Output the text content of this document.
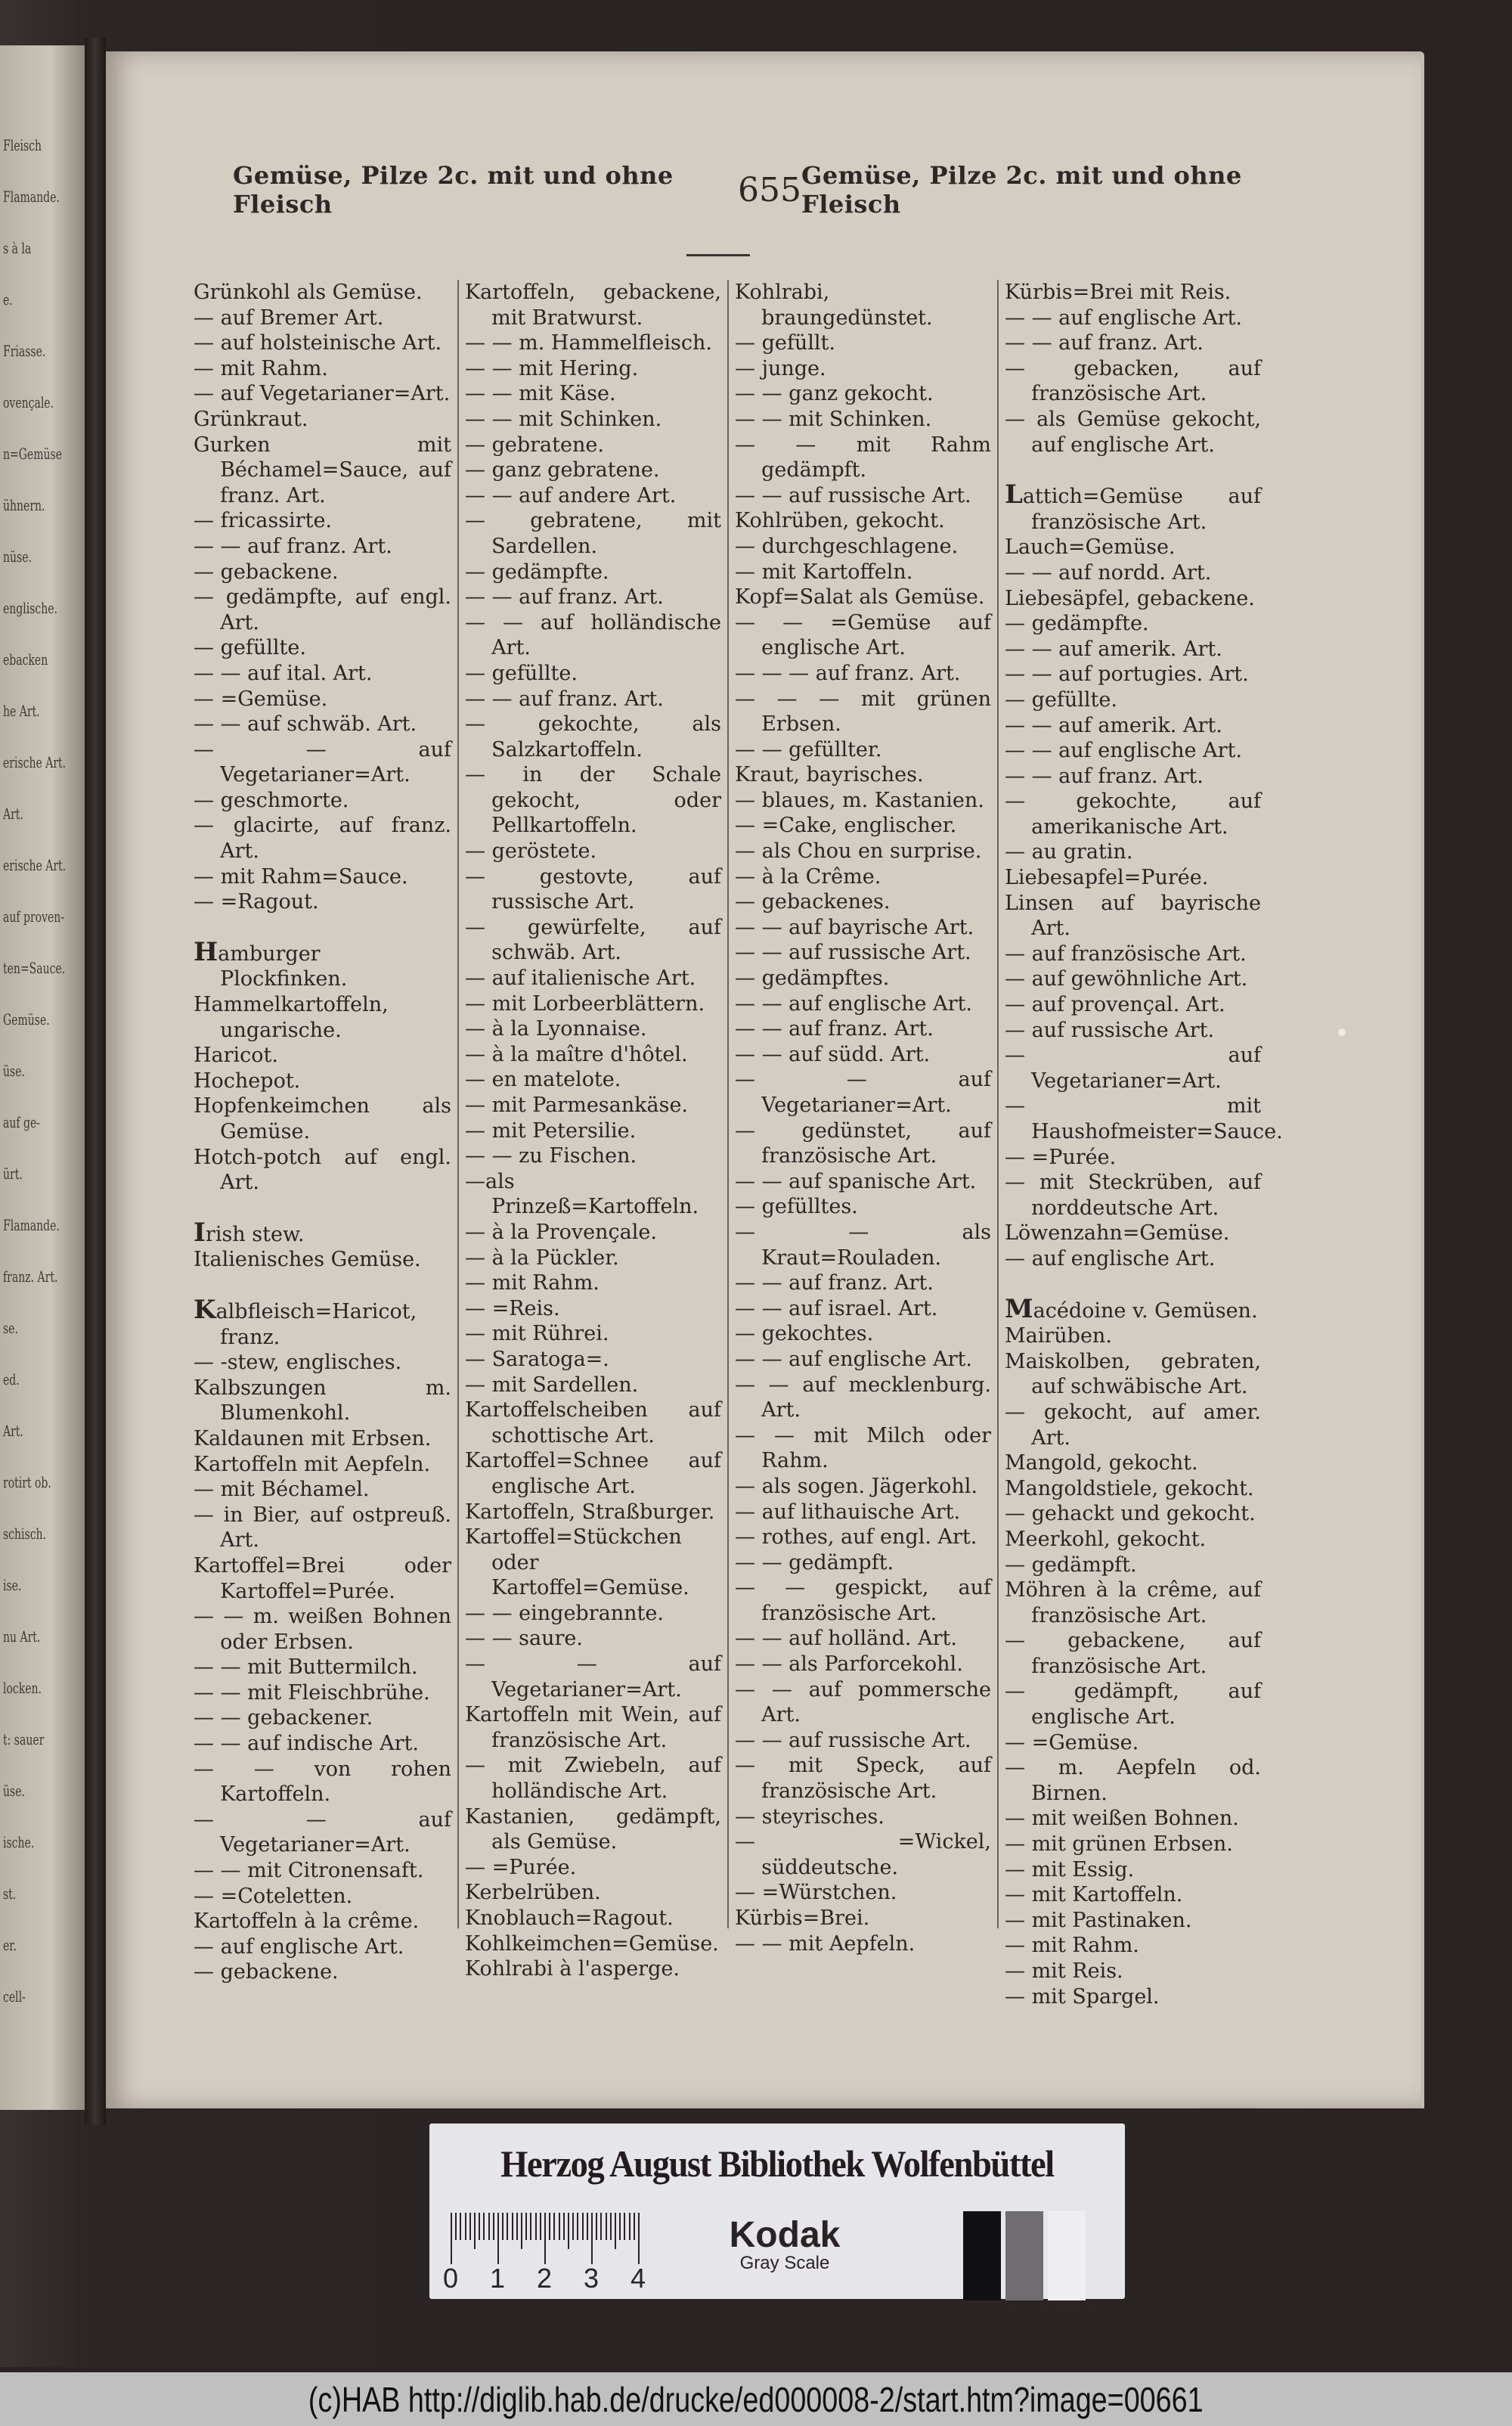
Fleisch
Flamande.
s à la
e.
Friasse.
ovençale.
n=Gemüse
ühnern.
nüse.
englische.
ebacken
he Art.
erische Art.
Art.
erische Art.
auf proven-
ten=Sauce.
Gemüse.
üse.
auf ge-
ürt.
Flamande.
franz. Art.
se.
ed.
Art.
rotirt ob.
schisch.
ise.
nu Art.
locken.
t: sauer
üse.
ische.
st.
er.
cell-
Gemüse, Pilze 2c. mit und ohne Fleisch	655 Gemüse, Pilze 2c. mit und ohne Fleisch
Grünkohl als Gemüse.
— auf Bremer Art.
— auf holsteinische Art.
— mit Rahm.
— auf Vegetarianer=Art.
Grünkraut.
Gurken mit Béchamel=Sauce, auf franz. Art.
— fricassirte.
— — auf franz. Art.
— gebackene.
— gedämpfte, auf engl. Art.
— gefüllte.
— — auf ital. Art.
— =Gemüse.
— — auf schwäb. Art.
— — auf Vegetarianer=Art.
— geschmorte.
— glacirte, auf franz. Art.
— mit Rahm=Sauce.
— =Ragout.
Hamburger Plockfinken.
Hammelkartoffeln, ungarische.
Haricot.
Hochepot.
Hopfenkeimchen als Gemüse.
Hotch-potch auf engl. Art.
Irish stew.
Italienisches Gemüse.
Kalbfleisch=Haricot, franz.
— -stew, englisches.
Kalbszungen m. Blumenkohl.
Kaldaunen mit Erbsen.
Kartoffeln mit Aepfeln.
— mit Béchamel.
— in Bier, auf ostpreuß. Art.
Kartoffel=Brei oder Kartoffel=Purée.
— — m. weißen Bohnen oder Erbsen.
— — mit Buttermilch.
— — mit Fleischbrühe.
— — gebackener.
— — auf indische Art.
— — von rohen Kartoffeln.
— — auf Vegetarianer=Art.
— — mit Citronensaft.
— =Coteletten.
Kartoffeln à la crême.
— auf englische Art.
— gebackene.
Kartoffeln, gebackene, mit Bratwurst.
— — m. Hammelfleisch.
— — mit Hering.
— — mit Käse.
— — mit Schinken.
— gebratene.
— ganz gebratene.
— — auf andere Art.
— gebratene, mit Sardellen.
— gedämpfte.
— — auf franz. Art.
— — auf holländische Art.
— gefüllte.
— — auf franz. Art.
— gekochte, als Salzkartoffeln.
— in der Schale gekocht, oder Pellkartoffeln.
— geröstete.
— gestovte, auf russische Art.
— gewürfelte, auf schwäb. Art.
— auf italienische Art.
— mit Lorbeerblättern.
— à la Lyonnaise.
— à la maître d'hôtel.
— en matelote.
— mit Parmesankäse.
— mit Petersilie.
— — zu Fischen.
—als Prinzeß=Kartoffeln.
— à la Provençale.
— à la Pückler.
— mit Rahm.
— =Reis.
— mit Rührei.
— Saratoga=.
— mit Sardellen.
Kartoffelscheiben auf schottische Art.
Kartoffel=Schnee auf englische Art.
Kartoffeln, Straßburger.
Kartoffel=Stückchen oder Kartoffel=Gemüse.
— — eingebrannte.
— — saure.
— — auf Vegetarianer=Art.
Kartoffeln mit Wein, auf französische Art.
— mit Zwiebeln, auf holländische Art.
Kastanien, gedämpft, als Gemüse.
— =Purée.
Kerbelrüben.
Knoblauch=Ragout.
Kohlkeimchen=Gemüse.
Kohlrabi à l'asperge.
Kohlrabi, braungedünstet.
— gefüllt.
— junge.
— — ganz gekocht.
— — mit Schinken.
— — mit Rahm gedämpft.
— — auf russische Art.
Kohlrüben, gekocht.
— durchgeschlagene.
— mit Kartoffeln.
Kopf=Salat als Gemüse.
— — =Gemüse auf englische Art.
— — — auf franz. Art.
— — — mit grünen Erbsen.
— — gefüllter.
Kraut, bayrisches.
— blaues, m. Kastanien.
— =Cake, englischer.
— als Chou en surprise.
— à la Crême.
— gebackenes.
— — auf bayrische Art.
— — auf russische Art.
— gedämpftes.
— — auf englische Art.
— — auf franz. Art.
— — auf südd. Art.
— — auf Vegetarianer=Art.
— gedünstet, auf französische Art.
— — auf spanische Art.
— gefülltes.
— — als Kraut=Rouladen.
— — auf franz. Art.
— — auf israel. Art.
— gekochtes.
— — auf englische Art.
— — auf mecklenburg. Art.
— — mit Milch oder Rahm.
— als sogen. Jägerkohl.
— auf lithauische Art.
— rothes, auf engl. Art.
— — gedämpft.
— — gespickt, auf französische Art.
— — auf holländ. Art.
— — als Parforcekohl.
— — auf pommersche Art.
— — auf russische Art.
— mit Speck, auf französische Art.
— steyrisches.
— =Wickel, süddeutsche.
— =Würstchen.
Kürbis=Brei.
— — mit Aepfeln.
Kürbis=Brei mit Reis.
— — auf englische Art.
— — auf franz. Art.
— gebacken, auf französische Art.
— als Gemüse gekocht, auf englische Art.
Lattich=Gemüse auf französische Art.
Lauch=Gemüse.
— — auf nordd. Art.
Liebesäpfel, gebackene.
— gedämpfte.
— — auf amerik. Art.
— — auf portugies. Art.
— gefüllte.
— — auf amerik. Art.
— — auf englische Art.
— — auf franz. Art.
— gekochte, auf amerikanische Art.
— au gratin.
Liebesapfel=Purée.
Linsen auf bayrische Art.
— auf französische Art.
— auf gewöhnliche Art.
— auf provençal. Art.
— auf russische Art.
— auf Vegetarianer=Art.
— mit Haushofmeister=Sauce.
— =Purée.
— mit Steckrüben, auf norddeutsche Art.
Löwenzahn=Gemüse.
— auf englische Art.
Macédoine v. Gemüsen.
Mairüben.
Maiskolben, gebraten, auf schwäbische Art.
— gekocht, auf amer. Art.
Mangold, gekocht.
Mangoldstiele, gekocht.
— gehackt und gekocht.
Meerkohl, gekocht.
— gedämpft.
Möhren à la crême, auf französische Art.
— gebackene, auf französische Art.
— gedämpft, auf englische Art.
— =Gemüse.
— m. Aepfeln od. Birnen.
— mit weißen Bohnen.
— mit grünen Erbsen.
— mit Essig.
— mit Kartoffeln.
— mit Pastinaken.
— mit Rahm.
— mit Reis.
— mit Spargel.
Herzog August Bibliothek Wolfenbüttel
0 1 2 3 4
Kodak
Gray Scale
(c)HAB http://diglib.hab.de/drucke/ed000008-2/start.htm?image=00661
